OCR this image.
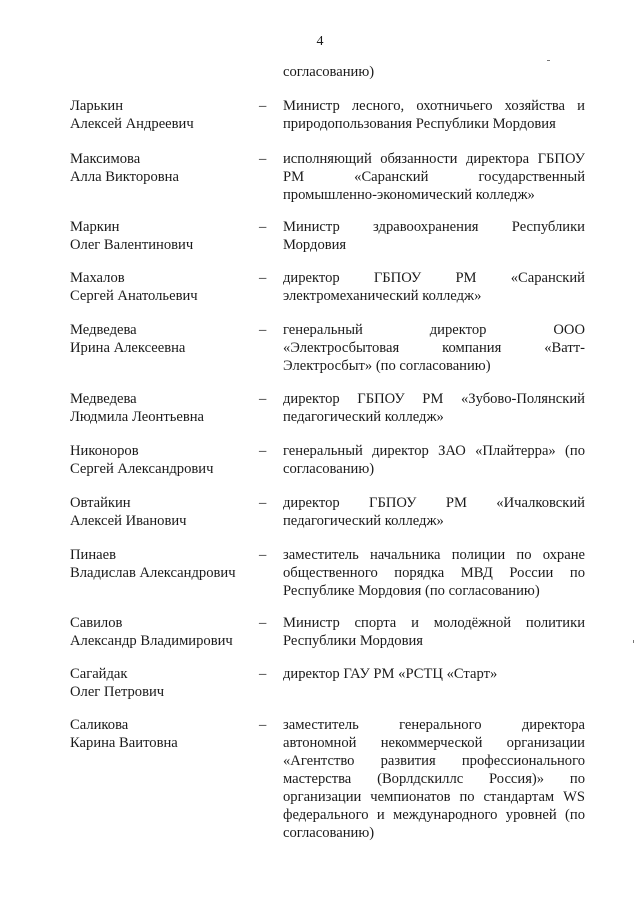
4
согласованию)
Ларькин
Алексей Андреевич
– Министр лесного, охотничьего хозяйства и
природопользования Республики Мордовия
Максимова
Алла Викторовна
– исполняющий обязанности директора ГБПОУ
РМ «Саранский государственный
промышленно-экономический колледж»
Маркин
Олег Валентинович
– Министр здравоохранения Республики
Мордовия
Махалов
Сергей Анатольевич
– директор ГБПОУ РМ «Саранский
электромеханический колледж»
Медведева
Ирина Алексеевна
– генеральный директор ООО
«Электросбытовая компания «Ватт-
Электросбыт» (по согласованию)
Медведева
Людмила Леонтьевна
– директор ГБПОУ РМ «Зубово-Полянский
педагогический колледж»
Никоноров
Сергей Александрович
– генеральный директор ЗАО «Плайтерра» (по
согласованию)
Овтайкин
Алексей Иванович
– директор ГБПОУ РМ «Ичалковский
педагогический колледж»
Пинаев
Владислав Александрович
– заместитель начальника полиции по охране
общественного порядка МВД России по
Республике Мордовия (по согласованию)
Савилов
Александр Владимирович
– Министр спорта и молодёжной политики
Республики Мордовия
Сагайдак
Олег Петрович
– директор ГАУ РМ «РСТЦ «Старт»
Саликова
Карина Ваитовна
– заместитель генерального директора
автономной некоммерческой организации
«Агентство развития профессионального
мастерства (Ворлдскиллс Россия)» по
организации чемпионатов по стандартам WS
федерального и международного уровней (по
согласованию)
